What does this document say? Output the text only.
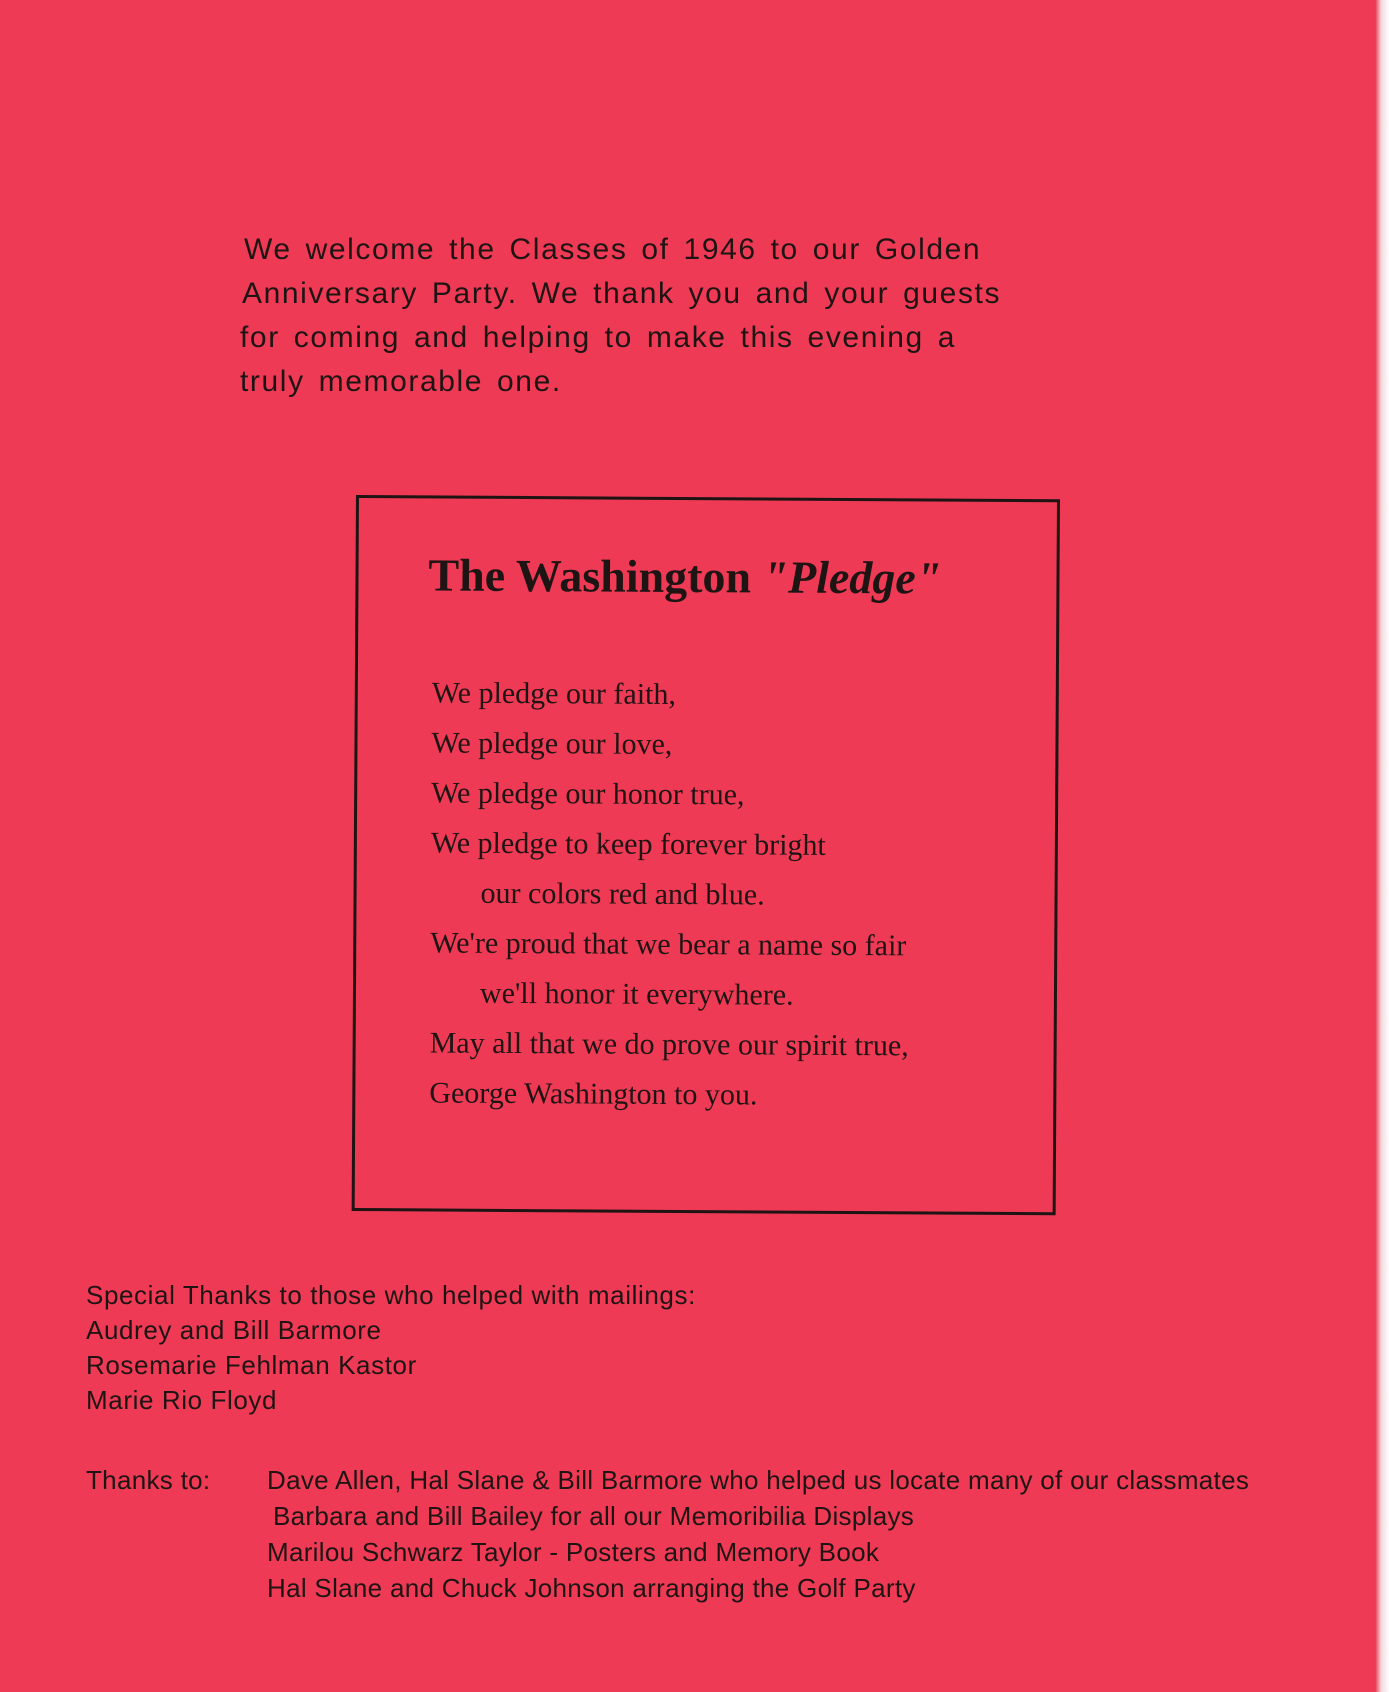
We welcome the Classes of 1946 to our Golden
Anniversary Party. We thank you and your guests
for coming and helping to make this evening a
truly memorable one.
The Washington "Pledge"
We pledge our faith,
We pledge our love,
We pledge our honor true,
We pledge to keep forever bright
our colors red and blue.
We're proud that we bear a name so fair
we'll honor it everywhere.
May all that we do prove our spirit true,
George Washington to you.
Special Thanks to those who helped with mailings:
Audrey and Bill Barmore
Rosemarie Fehlman Kastor
Marie Rio Floyd
Thanks to: Dave Allen, Hal Slane & Bill Barmore who helped us locate many of our classmates
Barbara and Bill Bailey for all our Memoribilia Displays
Marilou Schwarz Taylor - Posters and Memory Book
Hal Slane and Chuck Johnson arranging the Golf Party
